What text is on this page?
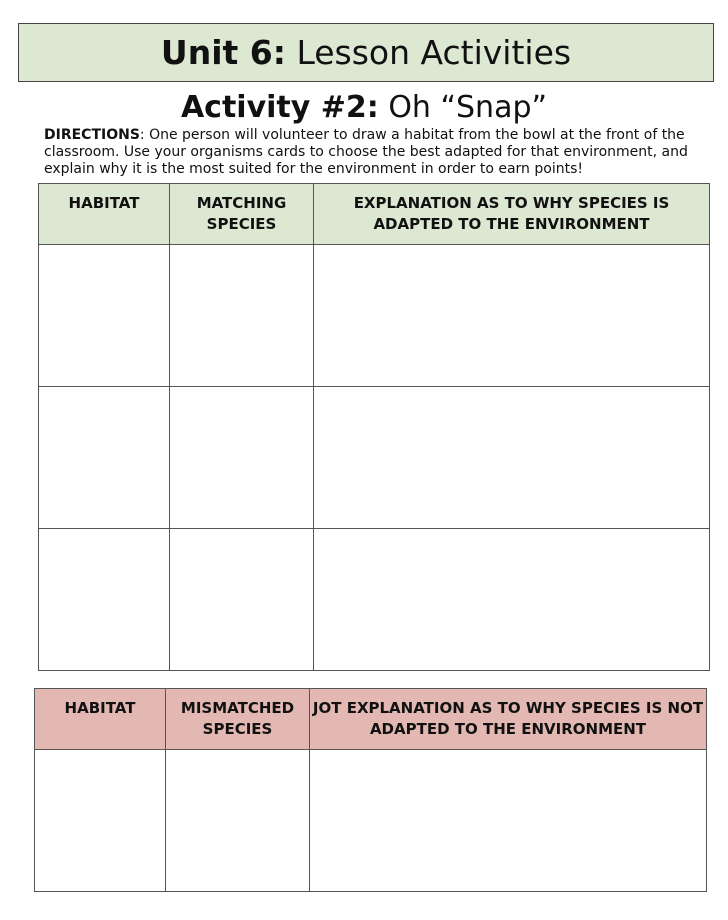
Unit 6: Lesson Activities
Activity #2: Oh “Snap”
DIRECTIONS: One person will volunteer to draw a habitat from the bowl at the front of the classroom. Use your organisms cards to choose the best adapted for that environment, and explain why it is the most suited for the environment in order to earn points!
HABITAT	MATCHING SPECIES	EXPLANATION AS TO WHY SPECIES IS ADAPTED TO THE ENVIRONMENT

HABITAT	MISMATCHED SPECIES	JOT EXPLANATION AS TO WHY SPECIES IS NOT ADAPTED TO THE ENVIRONMENT
